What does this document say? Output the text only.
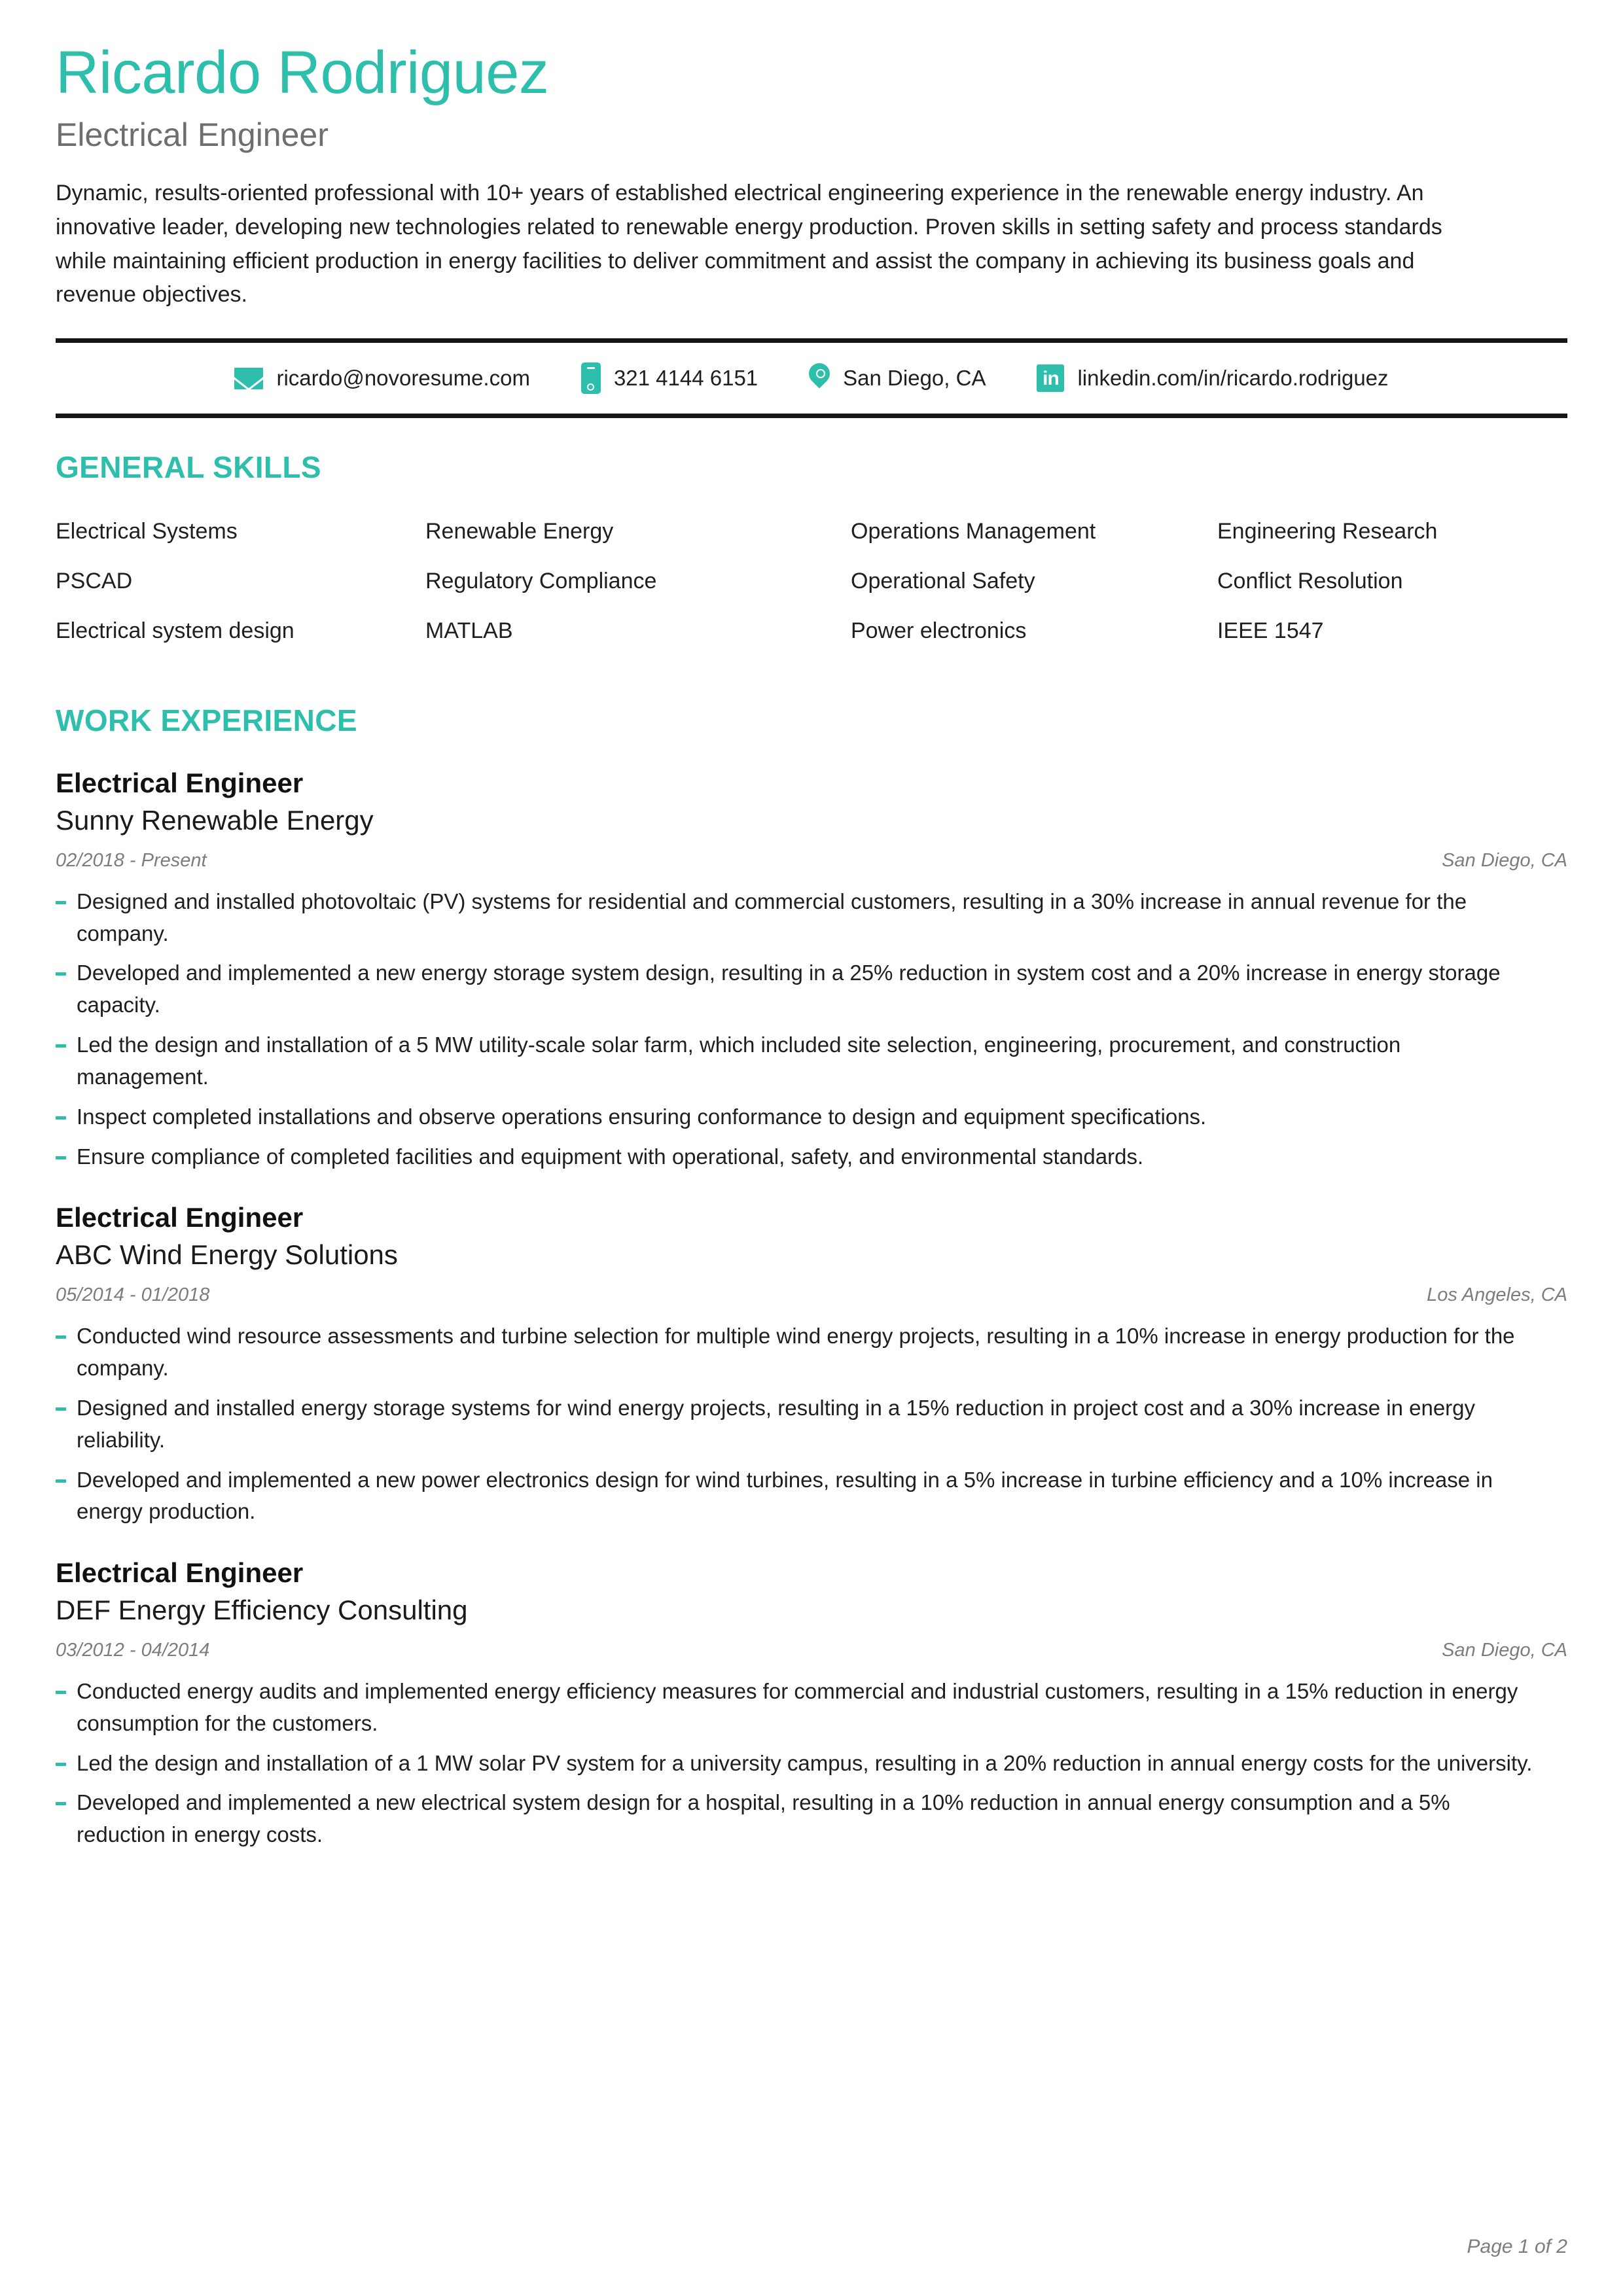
Ricardo Rodriguez
Electrical Engineer
Dynamic, results-oriented professional with 10+ years of established electrical engineering experience in the renewable energy industry. An innovative leader, developing new technologies related to renewable energy production. Proven skills in setting safety and process standards while maintaining efficient production in energy facilities to deliver commitment and assist the company in achieving its business goals and revenue objectives.
ricardo@novoresume.com	321 4144 6151	San Diego, CA	in linkedin.com/in/ricardo.rodriguez
GENERAL SKILLS
Electrical Systems	Renewable Energy	Operations Management	Engineering Research
PSCAD	Regulatory Compliance	Operational Safety	Conflict Resolution
Electrical system design	MATLAB	Power electronics	IEEE 1547
WORK EXPERIENCE
Electrical Engineer
Sunny Renewable Energy
02/2018 - Present	San Diego, CA
Designed and installed photovoltaic (PV) systems for residential and commercial customers, resulting in a 30% increase in annual revenue for the company.
Developed and implemented a new energy storage system design, resulting in a 25% reduction in system cost and a 20% increase in energy storage capacity.
Led the design and installation of a 5 MW utility-scale solar farm, which included site selection, engineering, procurement, and construction management.
Inspect completed installations and observe operations ensuring conformance to design and equipment specifications.
Ensure compliance of completed facilities and equipment with operational, safety, and environmental standards.
Electrical Engineer
ABC Wind Energy Solutions
05/2014 - 01/2018	Los Angeles, CA
Conducted wind resource assessments and turbine selection for multiple wind energy projects, resulting in a 10% increase in energy production for the company.
Designed and installed energy storage systems for wind energy projects, resulting in a 15% reduction in project cost and a 30% increase in energy reliability.
Developed and implemented a new power electronics design for wind turbines, resulting in a 5% increase in turbine efficiency and a 10% increase in energy production.
Electrical Engineer
DEF Energy Efficiency Consulting
03/2012 - 04/2014	San Diego, CA
Conducted energy audits and implemented energy efficiency measures for commercial and industrial customers, resulting in a 15% reduction in energy consumption for the customers.
Led the design and installation of a 1 MW solar PV system for a university campus, resulting in a 20% reduction in annual energy costs for the university.
Developed and implemented a new electrical system design for a hospital, resulting in a 10% reduction in annual energy consumption and a 5% reduction in energy costs.
Page 1 of 2
